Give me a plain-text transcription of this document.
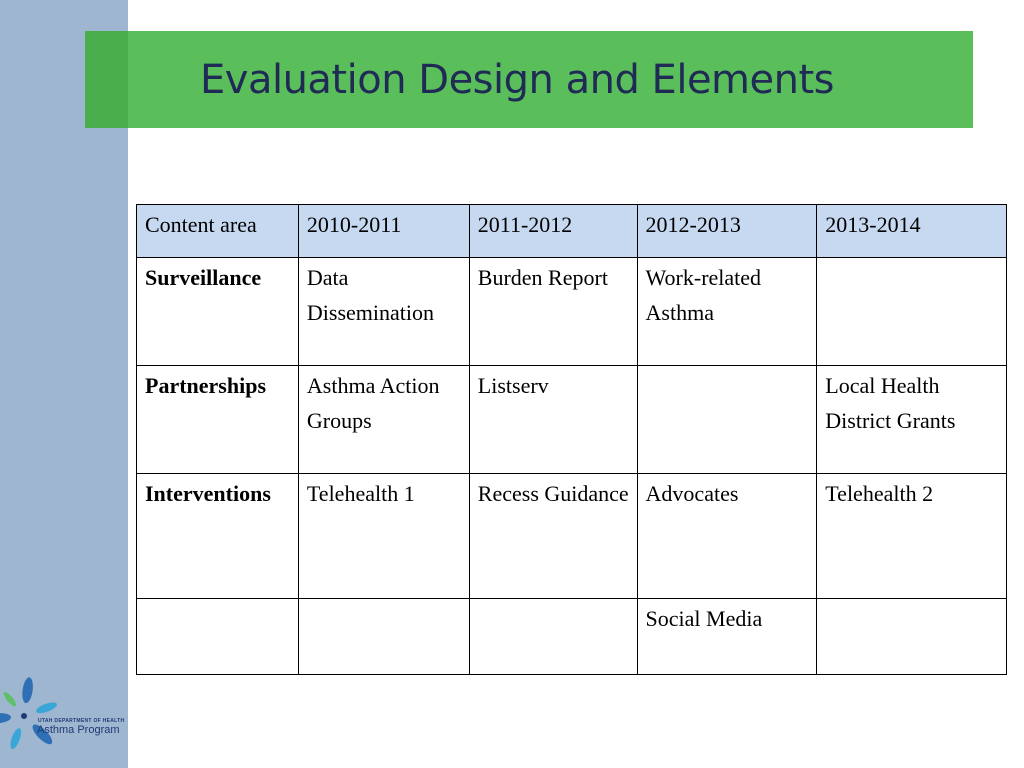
Evaluation Design and Elements
Content area	2010-2011	2011-2012	2012-2013	2013-2014
Surveillance	Data Dissemination	Burden Report	Work-related Asthma	
Partnerships	Asthma Action Groups	Listserv		Local Health District Grants
Interventions	Telehealth 1	Recess Guidance	Advocates	Telehealth 2
			Social Media	
UTAH DEPARTMENT OF HEALTH
Asthma Program
